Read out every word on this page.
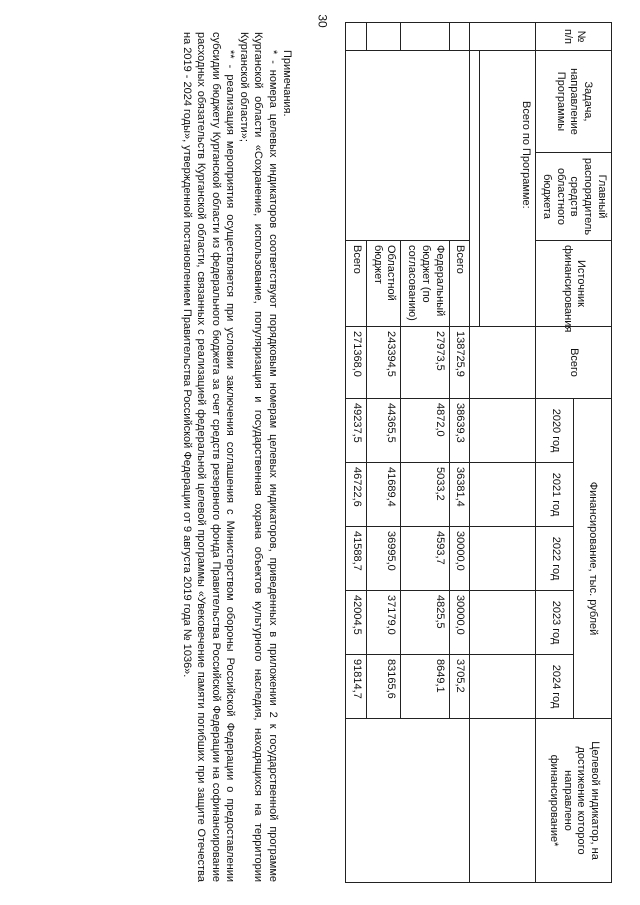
30
№ п/п	Задача, направление Программы	Главный распорядитель средств областного бюджета	Источник финансирования	Всего	Финансирование, тыс. рублей					Целевой индикатор, на достижение которого направлено финансирование*
					2020 год	2021 год	2022 год	2023 год	2024 год	

	Всего по Программе:									

			Всего	138725,9	38639,3	36381,4	30000,0	30000,0	3705,2	
			Федеральный бюджет (по согласованию)	27973,5	4872,0	5033,2	4593,7	4825,5	8649,1	
			Областной бюджет	243394,5	44365,5	41689,4	36995,0	37179,0	83165,6	
			Всего	271368,0	49237,5	46722,6	41588,7	42004,5	91814,7	

Примечания.

* - номера целевых индикаторов соответствуют порядковым номерам целевых индикаторов, приведенных в приложении 2 к государственной программе Курганской области «Сохранение, использование, популяризация и государственная охрана объектов культурного наследия, находящихся на территории Курганской области»;

** - реализация мероприятия осуществляется при условии заключения соглашения с Министерством обороны Российской Федерации о предоставлении субсидии бюджету Курганской области из федерального бюджета за счет средств резервного фонда Правительства Российской Федерации на софинансирование расходных обязательств Курганской области, связанных с реализацией федеральной целевой программы «Увековечение памяти погибших при защите Отечества на 2019 - 2024 годы», утвержденной постановлением Правительства Российской Федерации от 9 августа 2019 года № 1036».
